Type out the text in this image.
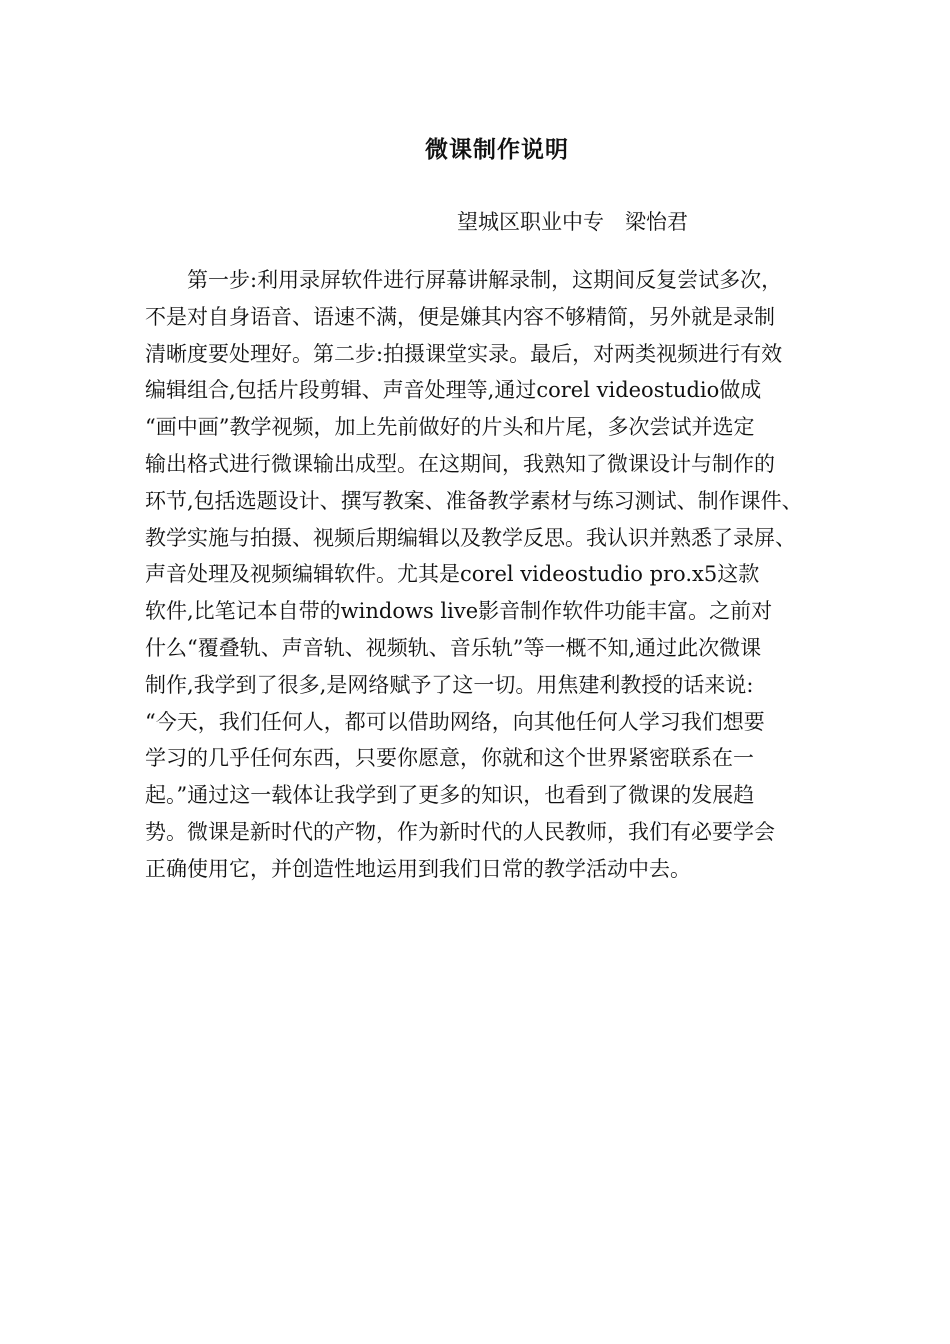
微课制作说明

望城区职业中专　梁怡君

第一步:利用录屏软件进行屏幕讲解录制，这期间反复尝试多次，
不是对自身语音、语速不满，便是嫌其内容不够精简，另外就是录制
清晰度要处理好。第二步:拍摄课堂实录。最后，对两类视频进行有效
编辑组合,包括片段剪辑、声音处理等,通过corel videostudio做成
“画中画”教学视频，加上先前做好的片头和片尾，多次尝试并选定
输出格式进行微课输出成型。在这期间，我熟知了微课设计与制作的
环节,包括选题设计、撰写教案、准备教学素材与练习测试、制作课件、
教学实施与拍摄、视频后期编辑以及教学反思。我认识并熟悉了录屏、
声音处理及视频编辑软件。尤其是corel videostudio pro.x5这款
软件,比笔记本自带的windows live影音制作软件功能丰富。之前对
什么“覆叠轨、声音轨、视频轨、音乐轨”等一概不知,通过此次微课
制作,我学到了很多,是网络赋予了这一切。用焦建利教授的话来说:
“今天，我们任何人，都可以借助网络，向其他任何人学习我们想要
学习的几乎任何东西，只要你愿意，你就和这个世界紧密联系在一
起。”通过这一载体让我学到了更多的知识，也看到了微课的发展趋
势。微课是新时代的产物，作为新时代的人民教师，我们有必要学会
正确使用它，并创造性地运用到我们日常的教学活动中去。
